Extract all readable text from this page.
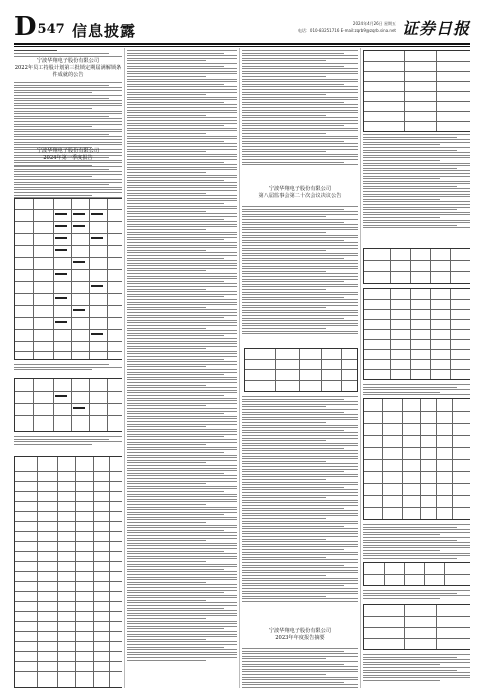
D547 信息披露	2024年4月26日 星期五
电话：010-83251716 E-mail:zqrb9@zqrb.sina.net 证券日报
宁波华翔电子股份有限公司
2022年员工持股计划第三批锁定期届满解锁条件成就的公告
宁波华翔电子股份有限公司
2024年第一季度报告
宁波华翔电子股份有限公司
第八届监事会第二十次会议决议公告
宁波华翔电子股份有限公司
2023年年度报告摘要
